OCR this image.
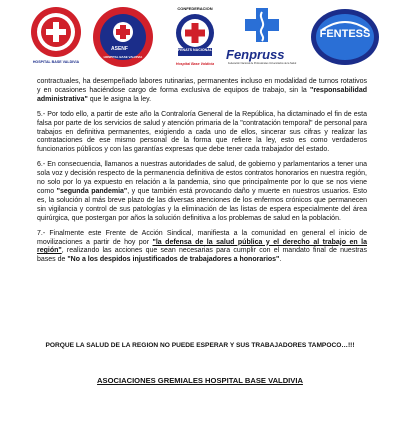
HOSPITAL BASE VALDIVIA
ASENF
HOSPITAL BASE VALDIVIA
CONFEDERACION
FENATS NACIONAL
Hospital Base Valdivia
Fenpruss
Federación Nacional de Profesionales Universitarios de la Salud
FENTESS

contractuales, ha desempeñado labores rutinarias, permanentes incluso en modalidad de turnos rotativos y en ocasiones haciéndose cargo de forma exclusiva de equipos de trabajo, sin la "responsabilidad administrativa" que le asigna la ley.

5.- Por todo ello, a partir de este año la Contraloría General de la República, ha dictaminado el fin de esta falsa por parte de los servicios de salud y atención primaria de la "contratación temporal" de personal para trabajos en definitiva permanentes, exigiendo a cada uno de ellos, sincerar sus cifras y realizar las contrataciones de ese mismo personal de la forma que refiere la ley, esto es como verdaderos funcionarios públicos y con las garantías expresas que debe tener cada trabajador del estado.

6.- En consecuencia, llamanos a nuestras autoridades de salud, de gobierno y parlamentarios a tener una sola voz y decisión respecto de la permanencia definitiva de estos contratos honorarios en nuestra región, no solo por lo ya expuesto en relación a la pandemia, sino que principalmente por lo que se nos viene como "segunda pandemia", y que también está provocando daño y muerte en nuestros usuarios. Esto es, la solución al más breve plazo de las diversas atenciones de los enfermos crónicos que permanecen sin vigilancia y control de sus patologías y la eliminación de las listas de espera especialmente del área quirúrgica, que postergan por años la solución definitiva a los problemas de salud en la población.

7.- Finalmente este Frente de Acción Sindical, manifiesta a la comunidad en general el inicio de movilizaciones a partir de hoy por "la defensa de la salud pública y el derecho al trabajo en la región", realizando las acciones que sean necesarias para cumplir con el mandato final de nuestras bases de "No a los despidos injustificados de trabajadores a honorarios".

PORQUE LA SALUD DE LA REGION NO PUEDE ESPERAR Y SUS TRABAJADORES TAMPOCO…!!!
ASOCIACIONES GREMIALES HOSPITAL BASE VALDIVIA
